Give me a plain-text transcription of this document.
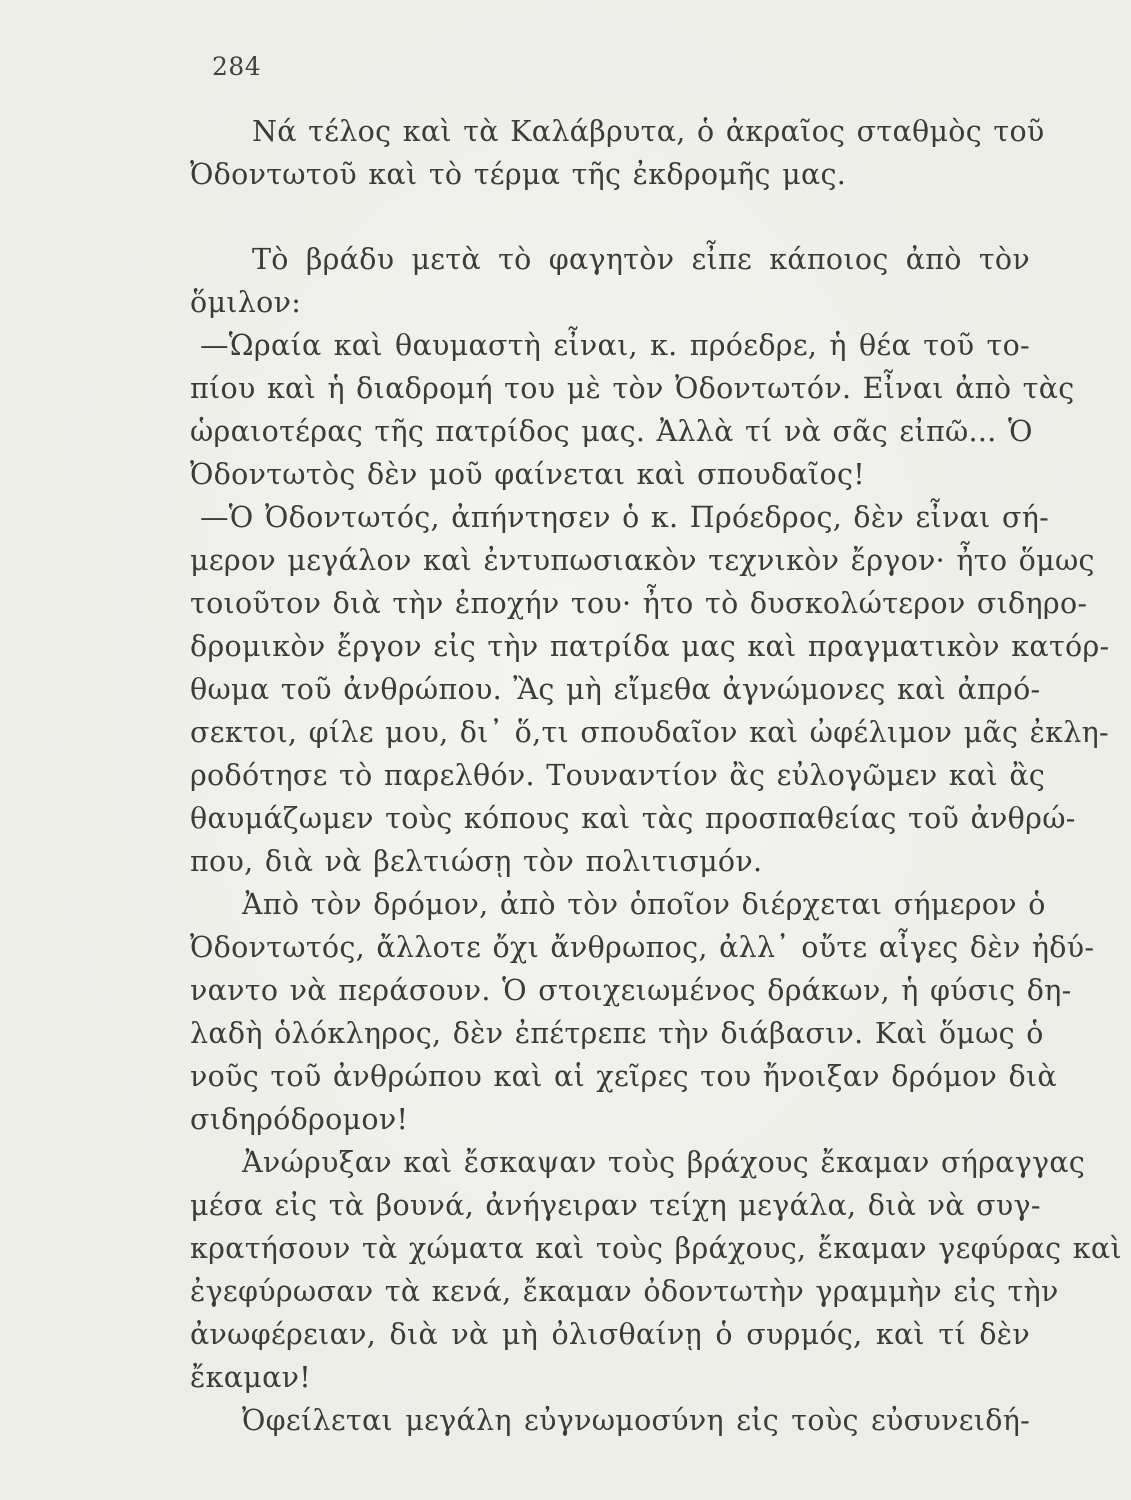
284
Νά τέλος καὶ τὰ Καλάβρυτα, ὁ ἀκραῖος σταθμὸς τοῦ
Ὀδοντωτοῦ καὶ τὸ τέρμα τῆς ἐκδρομῆς μας.
Τὸ βράδυ μετὰ τὸ φαγητὸν εἶπε κάποιος ἀπὸ τὸν
ὅμιλον:
—Ὡραία καὶ θαυμαστὴ εἶναι, κ. πρόεδρε, ἡ θέα τοῦ το-
πίου καὶ ἡ διαδρομή του μὲ τὸν Ὀδοντωτόν. Εἶναι ἀπὸ τὰς
ὡραιοτέρας τῆς πατρίδος μας. Ἀλλὰ τί νὰ σᾶς εἰπῶ... Ὁ
Ὀδοντωτὸς δὲν μοῦ φαίνεται καὶ σπουδαῖος!
—Ὁ Ὀδοντωτός, ἀπήντησεν ὁ κ. Πρόεδρος, δὲν εἶναι σή-
μερον μεγάλον καὶ ἐντυπωσιακὸν τεχνικὸν ἔργον· ἦτο ὅμως
τοιοῦτον διὰ τὴν ἐποχήν του· ἦτο τὸ δυσκολώτερον σιδηρο-
δρομικὸν ἔργον εἰς τὴν πατρίδα μας καὶ πραγματικὸν κατόρ-
θωμα τοῦ ἀνθρώπου. Ἂς μὴ εἴμεθα ἀγνώμονες καὶ ἀπρό-
σεκτοι, φίλε μου, δι᾽ ὅ,τι σπουδαῖον καὶ ὠφέλιμον μᾶς ἐκλη-
ροδότησε τὸ παρελθόν. Τουναντίον ἂς εὐλογῶμεν καὶ ἂς
θαυμάζωμεν τοὺς κόπους καὶ τὰς προσπαθείας τοῦ ἀνθρώ-
που, διὰ νὰ βελτιώσῃ τὸν πολιτισμόν.
Ἀπὸ τὸν δρόμον, ἀπὸ τὸν ὁποῖον διέρχεται σήμερον ὁ
Ὀδοντωτός, ἄλλοτε ὄχι ἄνθρωπος, ἀλλ᾽ οὔτε αἶγες δὲν ἠδύ-
ναντο νὰ περάσουν. Ὁ στοιχειωμένος δράκων, ἡ φύσις δη-
λαδὴ ὁλόκληρος, δὲν ἐπέτρεπε τὴν διάβασιν. Καὶ ὅμως ὁ
νοῦς τοῦ ἀνθρώπου καὶ αἱ χεῖρες του ἤνοιξαν δρόμον διὰ
σιδηρόδρομον!
Ἀνώρυξαν καὶ ἔσκαψαν τοὺς βράχους ἔκαμαν σήραγγας
μέσα εἰς τὰ βουνά, ἀνήγειραν τείχη μεγάλα, διὰ νὰ συγ-
κρατήσουν τὰ χώματα καὶ τοὺς βράχους, ἔκαμαν γεφύρας καὶ
ἐγεφύρωσαν τὰ κενά, ἔκαμαν ὀδοντωτὴν γραμμὴν εἰς τὴν
ἀνωφέρειαν, διὰ νὰ μὴ ὀλισθαίνῃ ὁ συρμός, καὶ τί δὲν
ἔκαμαν!
Ὀφείλεται μεγάλη εὐγνωμοσύνη εἰς τοὺς εὐσυνειδή-
